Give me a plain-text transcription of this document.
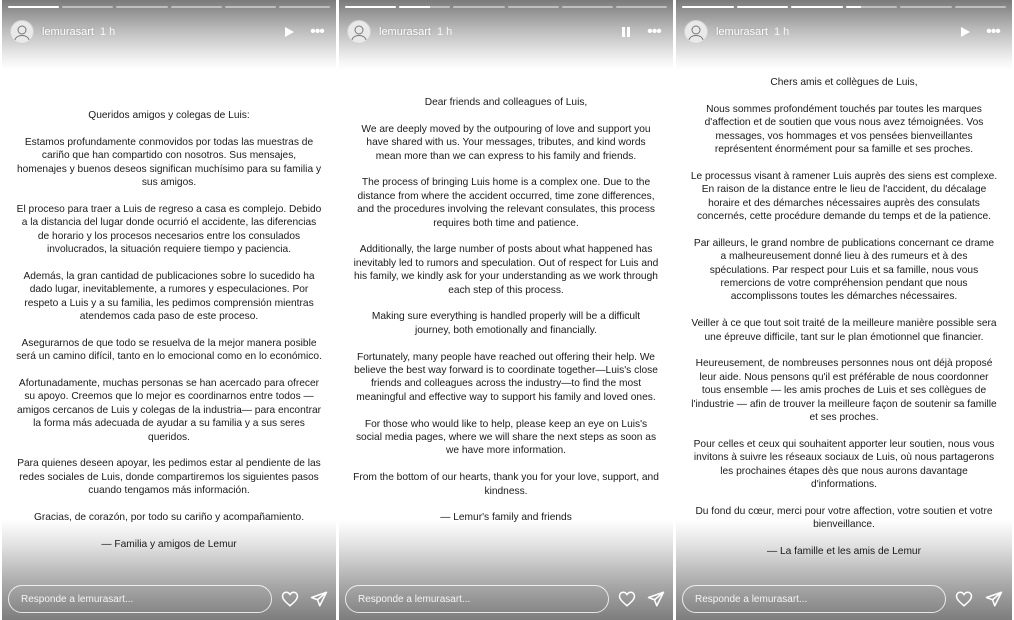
lemurasart 1 h	•••

Queridos amigos y colegas de Luis:

Estamos profundamente conmovidos por todas las muestras de cariño que han compartido con nosotros. Sus mensajes, homenajes y buenos deseos significan muchísimo para su familia y sus amigos.

El proceso para traer a Luis de regreso a casa es complejo. Debido a la distancia del lugar donde ocurrió el accidente, las diferencias de horario y los procesos necesarios entre los consulados involucrados, la situación requiere tiempo y paciencia.

Además, la gran cantidad de publicaciones sobre lo sucedido ha dado lugar, inevitablemente, a rumores y especulaciones. Por respeto a Luis y a su familia, les pedimos comprensión mientras atendemos cada paso de este proceso.

Asegurarnos de que todo se resuelva de la mejor manera posible será un camino difícil, tanto en lo emocional como en lo económico.

Afortunadamente, muchas personas se han acercado para ofrecer su apoyo. Creemos que lo mejor es coordinarnos entre todos —amigos cercanos de Luis y colegas de la industria— para encontrar la forma más adecuada de ayudar a su familia y a sus seres queridos.

Para quienes deseen apoyar, les pedimos estar al pendiente de las redes sociales de Luis, donde compartiremos los siguientes pasos cuando tengamos más información.

Gracias, de corazón, por todo su cariño y acompañamiento.

— Familia y amigos de Lemur

Responde a lemurasart...
lemurasart 1 h	•••

Dear friends and colleagues of Luis,

We are deeply moved by the outpouring of love and support you have shared with us. Your messages, tributes, and kind words mean more than we can express to his family and friends.

The process of bringing Luis home is a complex one. Due to the distance from where the accident occurred, time zone differences, and the procedures involving the relevant consulates, this process requires both time and patience.

Additionally, the large number of posts about what happened has inevitably led to rumors and speculation. Out of respect for Luis and his family, we kindly ask for your understanding as we work through each step of this process.

Making sure everything is handled properly will be a difficult journey, both emotionally and financially.

Fortunately, many people have reached out offering their help. We believe the best way forward is to coordinate together—Luis's close friends and colleagues across the industry—to find the most meaningful and effective way to support his family and loved ones.

For those who would like to help, please keep an eye on Luis's social media pages, where we will share the next steps as soon as we have more information.

From the bottom of our hearts, thank you for your love, support, and kindness.

— Lemur's family and friends

Responde a lemurasart...
lemurasart 1 h	•••

Chers amis et collègues de Luis,

Nous sommes profondément touchés par toutes les marques d'affection et de soutien que vous nous avez témoignées. Vos messages, vos hommages et vos pensées bienveillantes représentent énormément pour sa famille et ses proches.

Le processus visant à ramener Luis auprès des siens est complexe. En raison de la distance entre le lieu de l'accident, du décalage horaire et des démarches nécessaires auprès des consulats concernés, cette procédure demande du temps et de la patience.

Par ailleurs, le grand nombre de publications concernant ce drame a malheureusement donné lieu à des rumeurs et à des spéculations. Par respect pour Luis et sa famille, nous vous remercions de votre compréhension pendant que nous accomplissons toutes les démarches nécessaires.

Veiller à ce que tout soit traité de la meilleure manière possible sera une épreuve difficile, tant sur le plan émotionnel que financier.

Heureusement, de nombreuses personnes nous ont déjà proposé leur aide. Nous pensons qu'il est préférable de nous coordonner tous ensemble — les amis proches de Luis et ses collègues de l'industrie — afin de trouver la meilleure façon de soutenir sa famille et ses proches.

Pour celles et ceux qui souhaitent apporter leur soutien, nous vous invitons à suivre les réseaux sociaux de Luis, où nous partagerons les prochaines étapes dès que nous aurons davantage d'informations.

Du fond du cœur, merci pour votre affection, votre soutien et votre bienveillance.

— La famille et les amis de Lemur

Responde a lemurasart...
